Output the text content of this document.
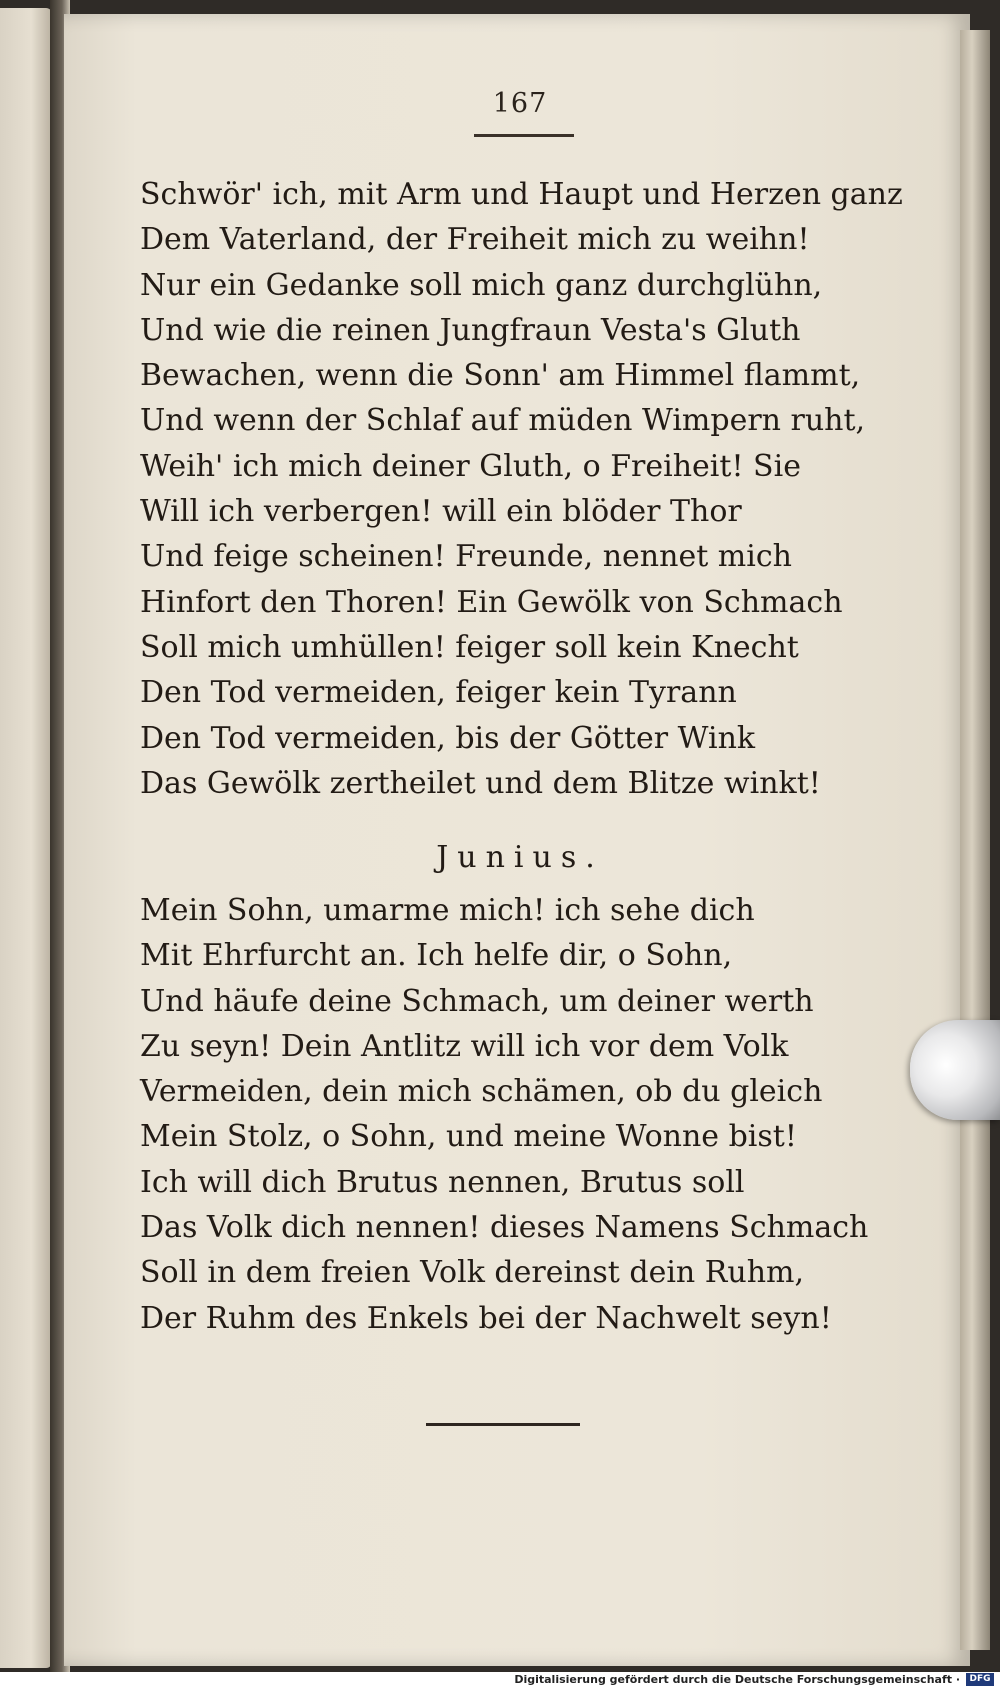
167
Schwör' ich, mit Arm und Haupt und Herzen ganz
Dem Vaterland, der Freiheit mich zu weihn!
Nur ein Gedanke soll mich ganz durchglühn,
Und wie die reinen Jungfraun Vesta's Gluth
Bewachen, wenn die Sonn' am Himmel flammt,
Und wenn der Schlaf auf müden Wimpern ruht,
Weih' ich mich deiner Gluth, o Freiheit! Sie
Will ich verbergen! will ein blöder Thor
Und feige scheinen! Freunde, nennet mich
Hinfort den Thoren! Ein Gewölk von Schmach
Soll mich umhüllen! feiger soll kein Knecht
Den Tod vermeiden, feiger kein Tyrann
Den Tod vermeiden, bis der Götter Wink
Das Gewölk zertheilet und dem Blitze winkt!
Junius.
Mein Sohn, umarme mich! ich sehe dich
Mit Ehrfurcht an. Ich helfe dir, o Sohn,
Und häufe deine Schmach, um deiner werth
Zu seyn! Dein Antlitz will ich vor dem Volk
Vermeiden, dein mich schämen, ob du gleich
Mein Stolz, o Sohn, und meine Wonne bist!
Ich will dich Brutus nennen, Brutus soll
Das Volk dich nennen! dieses Namens Schmach
Soll in dem freien Volk dereinst dein Ruhm,
Der Ruhm des Enkels bei der Nachwelt seyn!
Digitalisierung gefördert durch die Deutsche Forschungsgemeinschaft ·	DFG
